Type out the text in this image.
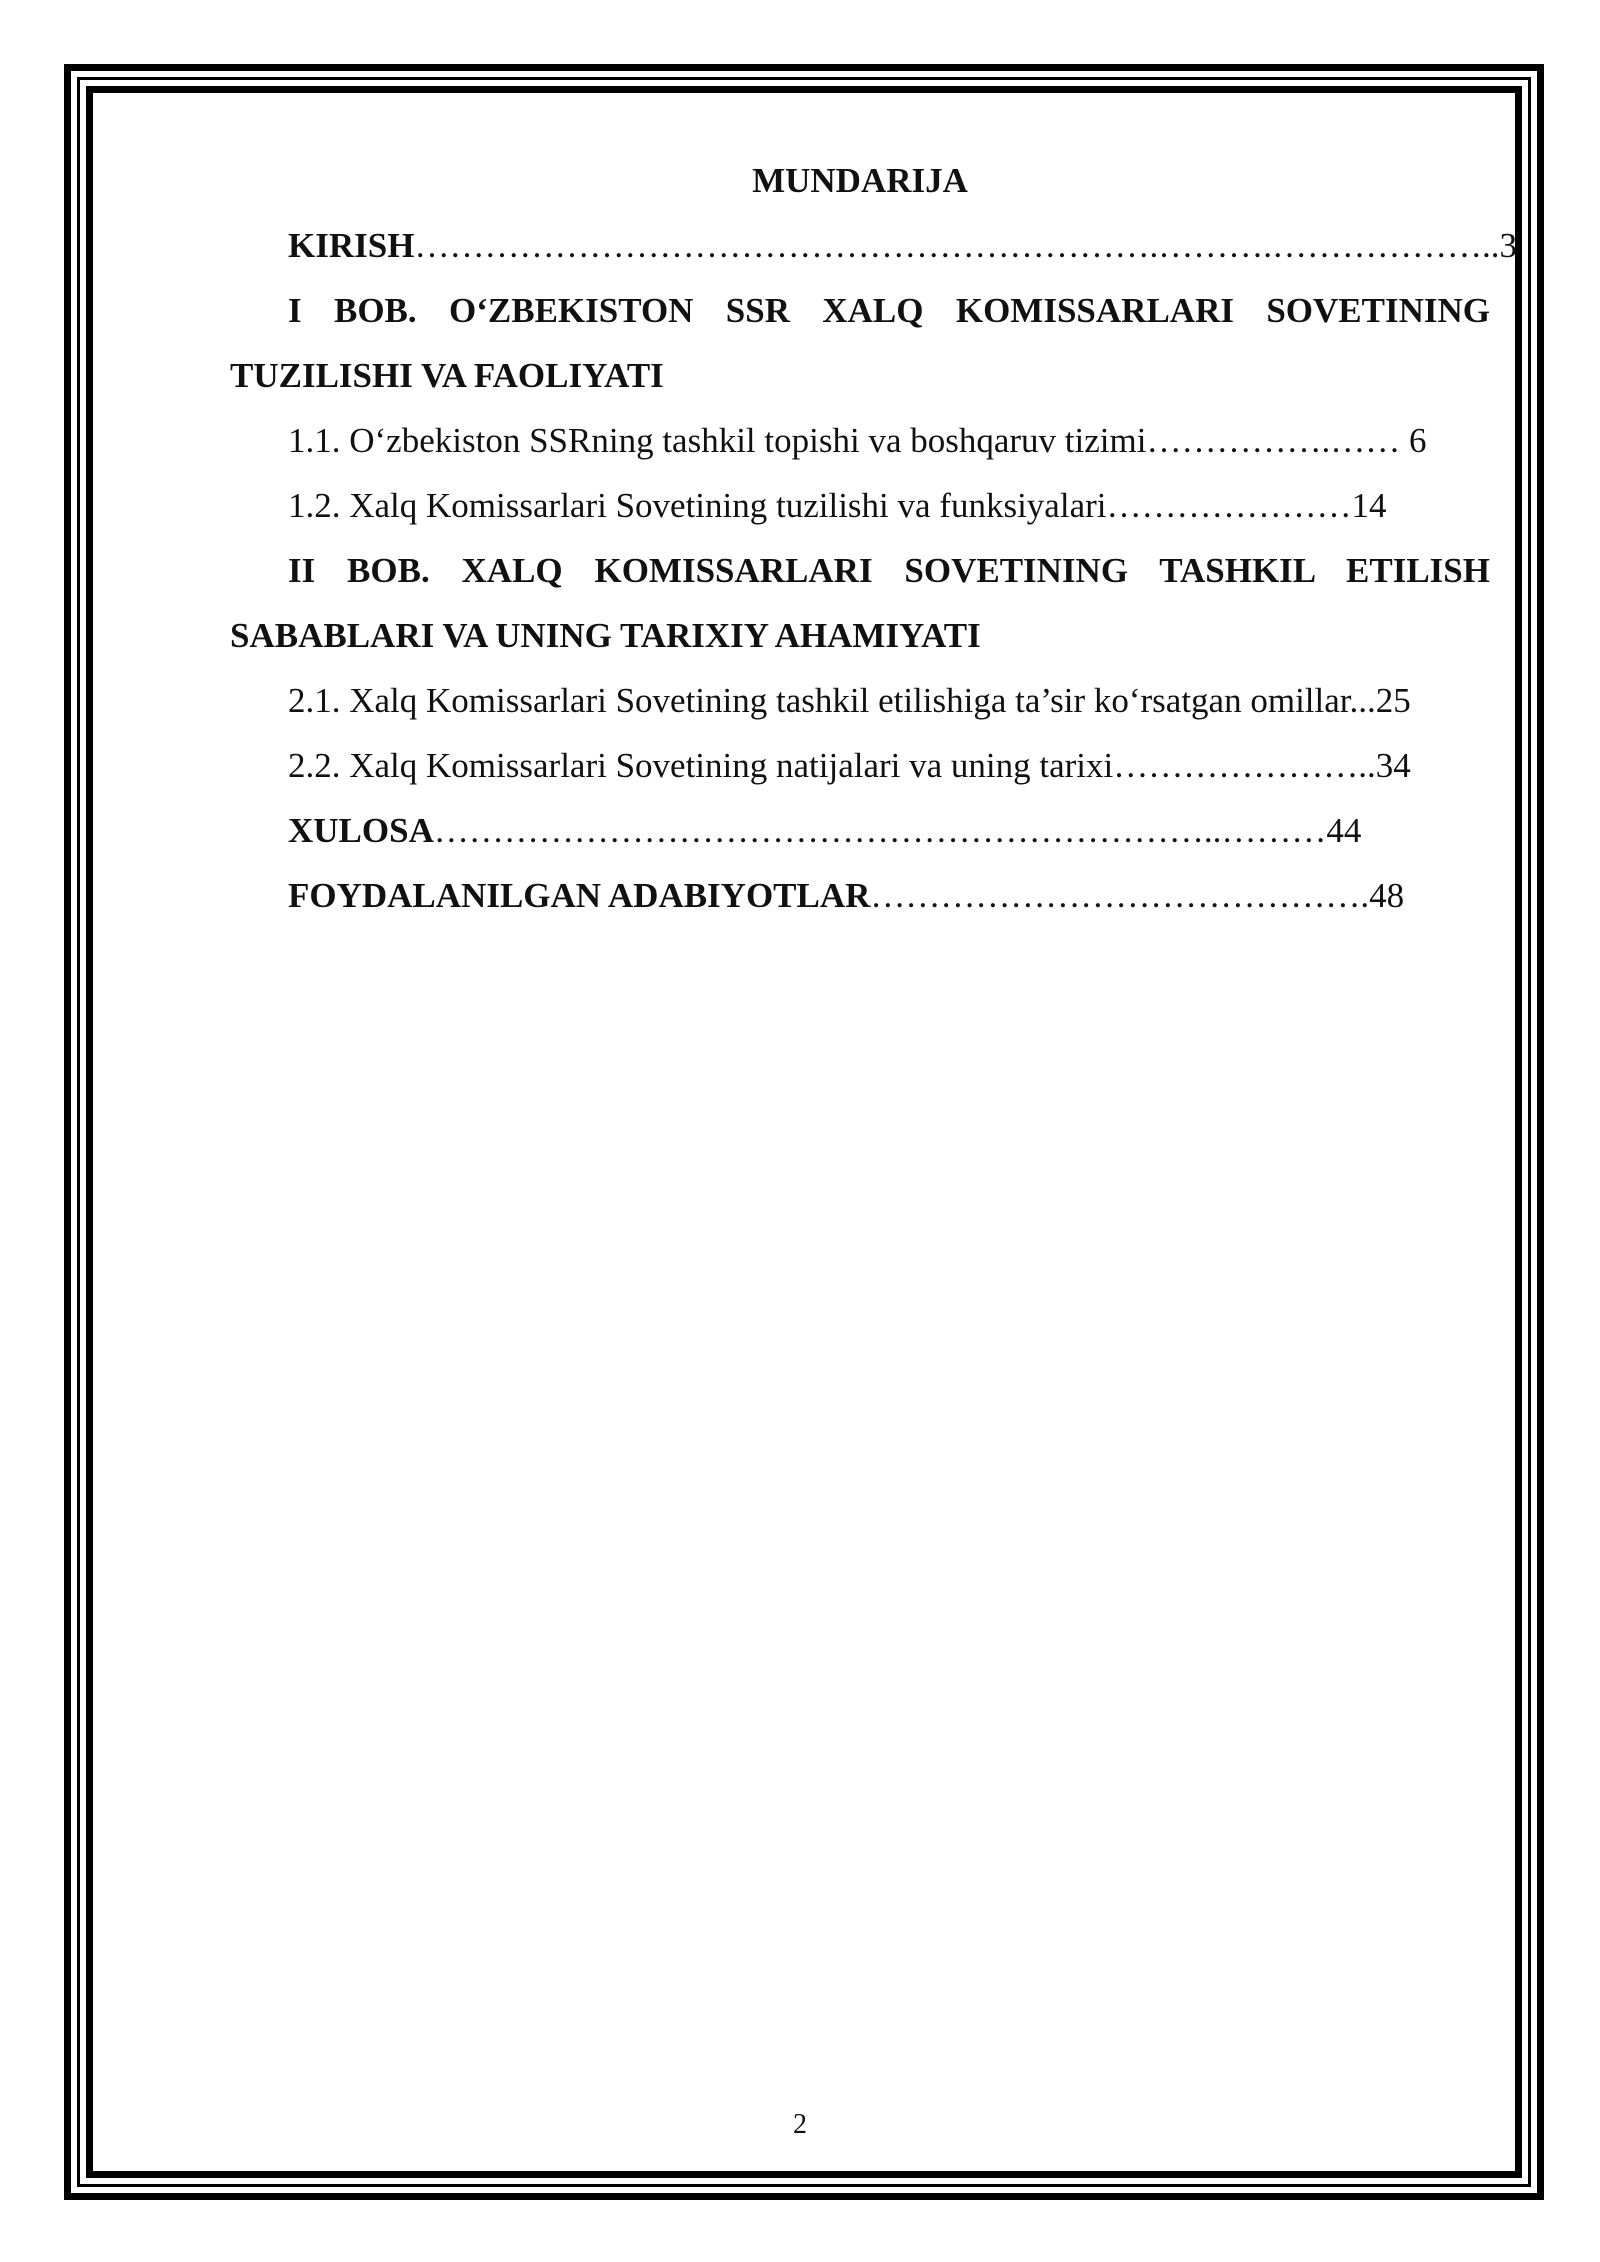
MUNDARIJA

KIRISH……………………………………………………….……….………………..3

I BOB. O‘ZBEKISTON SSR XALQ KOMISSARLARI SOVETINING TUZILISHI VA FAOLIYATI

1.1. O‘zbekiston SSRning tashkil topishi va boshqaruv tizimi…………….…… 6

1.2. Xalq Komissarlari Sovetining tuzilishi va funksiyalari…………………14

II BOB. XALQ KOMISSARLARI SOVETINING TASHKIL ETILISH SABABLARI VA UNING TARIXIY AHAMIYATI

2.1. Xalq Komissarlari Sovetining tashkil etilishiga ta’sir ko‘rsatgan omillar...25

2.2. Xalq Komissarlari Sovetining natijalari va uning tarixi…………………..34

XULOSA…………………………………………………………..………44

FOYDALANILGAN ADABIYOTLAR…………………………………….48

2
